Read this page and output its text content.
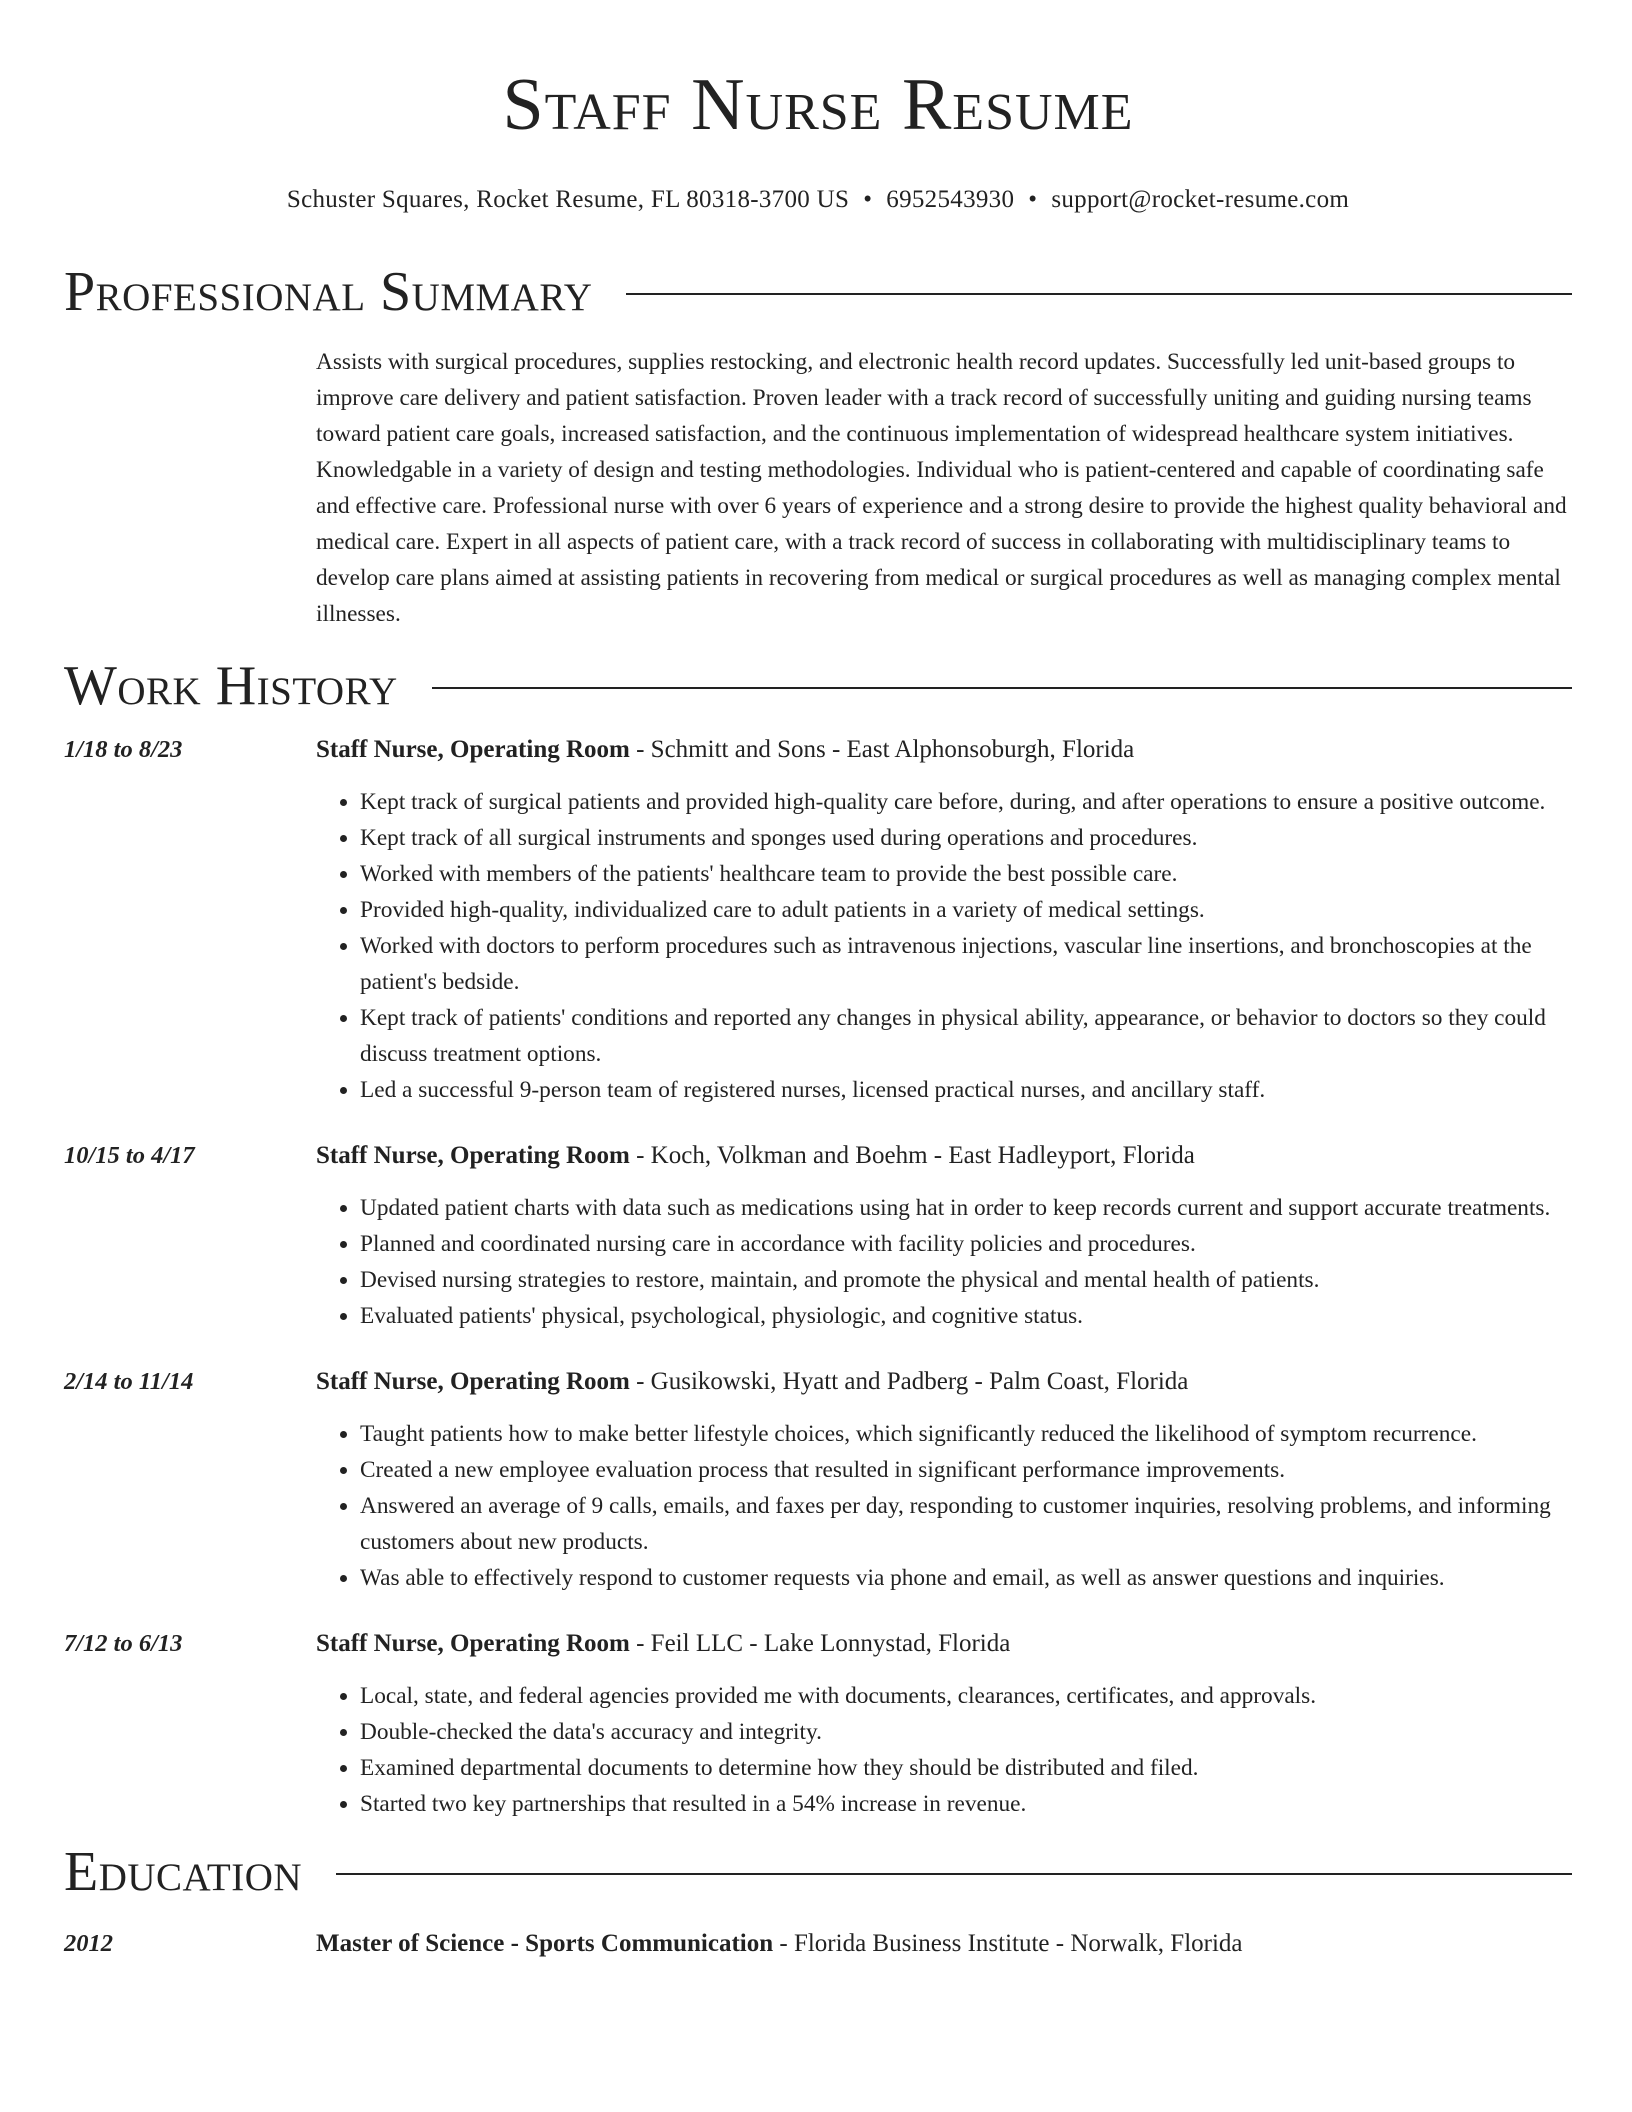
Staff Nurse Resume
Schuster Squares, Rocket Resume, FL 80318-3700 US • 6952543930 • support@rocket-resume.com
Professional Summary
Assists with surgical procedures, supplies restocking, and electronic health record updates. Successfully led unit-based groups to improve care delivery and patient satisfaction. Proven leader with a track record of successfully uniting and guiding nursing teams toward patient care goals, increased satisfaction, and the continuous implementation of widespread healthcare system initiatives. Knowledgable in a variety of design and testing methodologies. Individual who is patient-centered and capable of coordinating safe and effective care. Professional nurse with over 6 years of experience and a strong desire to provide the highest quality behavioral and medical care. Expert in all aspects of patient care, with a track record of success in collaborating with multidisciplinary teams to develop care plans aimed at assisting patients in recovering from medical or surgical procedures as well as managing complex mental illnesses.
Work History
1/18 to 8/23	Staff Nurse, Operating Room - Schmitt and Sons - East Alphonsoburgh, Florida
• Kept track of surgical patients and provided high-quality care before, during, and after operations to ensure a positive outcome.
• Kept track of all surgical instruments and sponges used during operations and procedures.
• Worked with members of the patients' healthcare team to provide the best possible care.
• Provided high-quality, individualized care to adult patients in a variety of medical settings.
• Worked with doctors to perform procedures such as intravenous injections, vascular line insertions, and bronchoscopies at the patient's bedside.
• Kept track of patients' conditions and reported any changes in physical ability, appearance, or behavior to doctors so they could discuss treatment options.
• Led a successful 9-person team of registered nurses, licensed practical nurses, and ancillary staff.
10/15 to 4/17	Staff Nurse, Operating Room - Koch, Volkman and Boehm - East Hadleyport, Florida
• Updated patient charts with data such as medications using hat in order to keep records current and support accurate treatments.
• Planned and coordinated nursing care in accordance with facility policies and procedures.
• Devised nursing strategies to restore, maintain, and promote the physical and mental health of patients.
• Evaluated patients' physical, psychological, physiologic, and cognitive status.
2/14 to 11/14	Staff Nurse, Operating Room - Gusikowski, Hyatt and Padberg - Palm Coast, Florida
• Taught patients how to make better lifestyle choices, which significantly reduced the likelihood of symptom recurrence.
• Created a new employee evaluation process that resulted in significant performance improvements.
• Answered an average of 9 calls, emails, and faxes per day, responding to customer inquiries, resolving problems, and informing customers about new products.
• Was able to effectively respond to customer requests via phone and email, as well as answer questions and inquiries.
7/12 to 6/13	Staff Nurse, Operating Room - Feil LLC - Lake Lonnystad, Florida
• Local, state, and federal agencies provided me with documents, clearances, certificates, and approvals.
• Double-checked the data's accuracy and integrity.
• Examined departmental documents to determine how they should be distributed and filed.
• Started two key partnerships that resulted in a 54% increase in revenue.
Education
2012	Master of Science - Sports Communication - Florida Business Institute - Norwalk, Florida
